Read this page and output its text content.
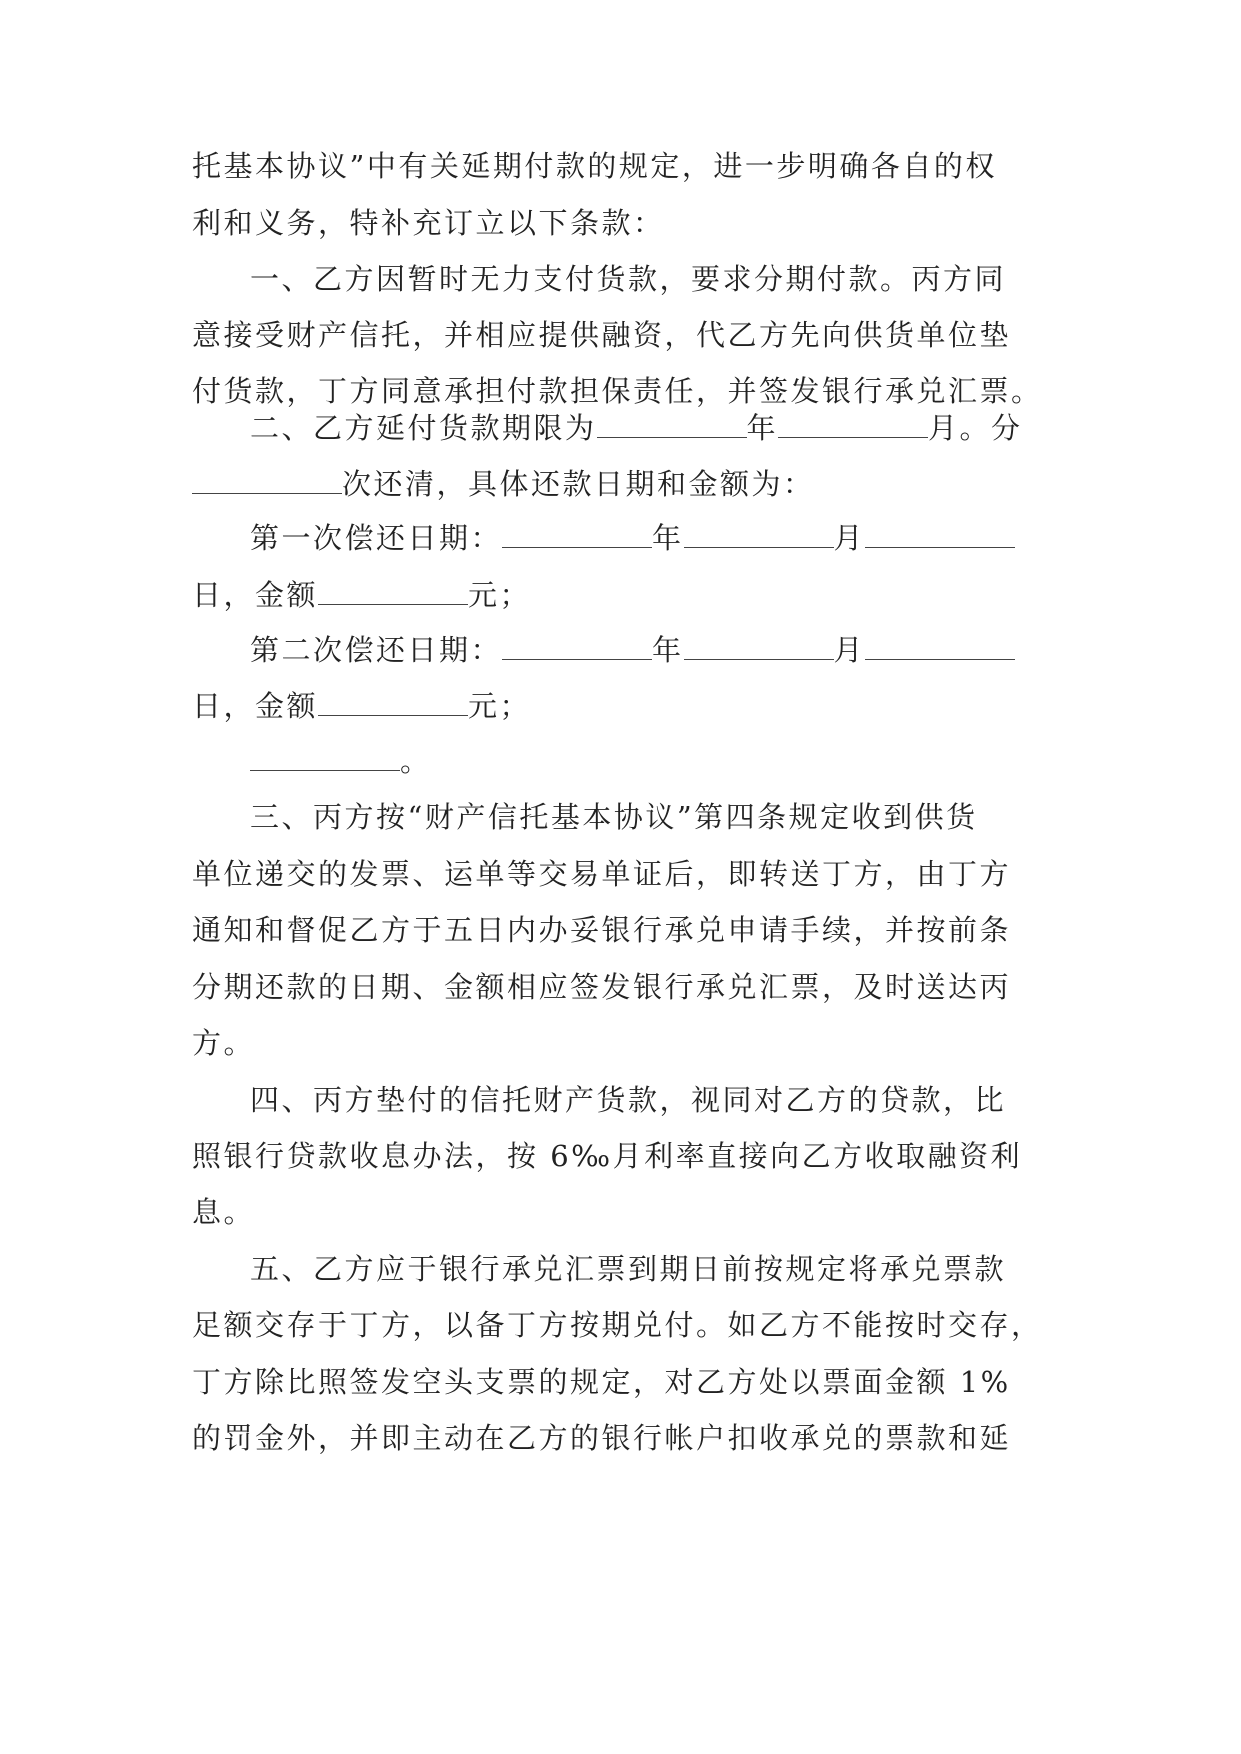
托基本协议”中有关延期付款的规定，进一步明确各自的权
利和义务，特补充订立以下条款：
一、乙方因暂时无力支付货款，要求分期付款。丙方同
意接受财产信托，并相应提供融资，代乙方先向供货单位垫
付货款，丁方同意承担付款担保责任，并签发银行承兑汇票。
二、乙方延付货款期限为	年	月。分
次还清，具体还款日期和金额为：
第一次偿还日期：	年	月
日，金额	元；
第二次偿还日期：	年	月
日，金额	元；
。
三、丙方按“财产信托基本协议”第四条规定收到供货
单位递交的发票、运单等交易单证后，即转送丁方，由丁方
通知和督促乙方于五日内办妥银行承兑申请手续，并按前条
分期还款的日期、金额相应签发银行承兑汇票，及时送达丙
方。
四、丙方垫付的信托财产货款，视同对乙方的贷款，比
照银行贷款收息办法，按 6‰月利率直接向乙方收取融资利
息。
五、乙方应于银行承兑汇票到期日前按规定将承兑票款
足额交存于丁方，以备丁方按期兑付。如乙方不能按时交存，
丁方除比照签发空头支票的规定，对乙方处以票面金额 1%
的罚金外，并即主动在乙方的银行帐户扣收承兑的票款和延
